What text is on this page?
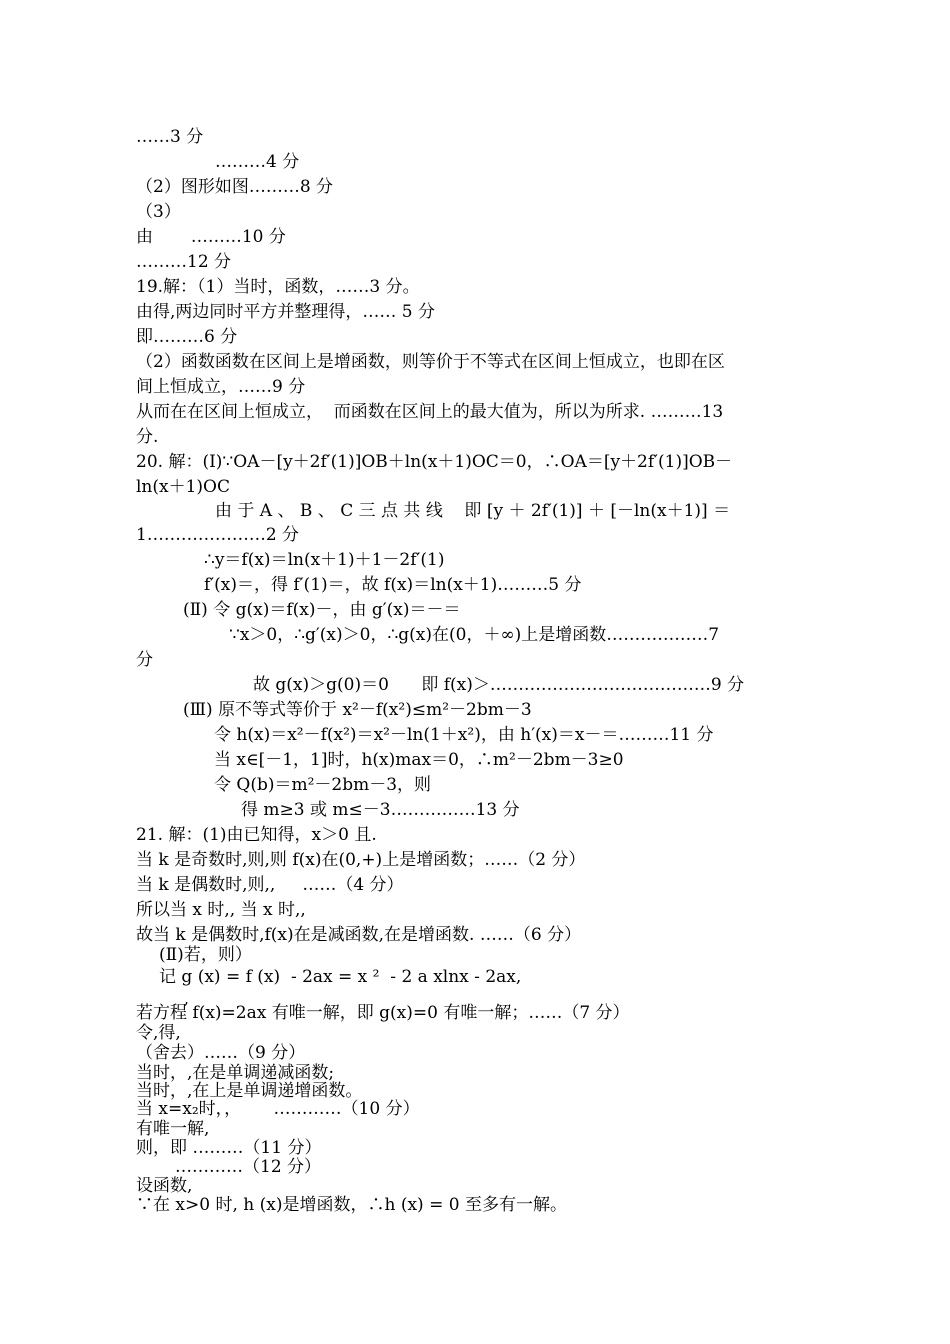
……3 分
………4 分
（2）图形如图………8 分
（3）
由       ………10 分
………12 分
19.解：（1）当时，函数，……3 分。
由得,两边同时平方并整理得，…… 5 分
即………6 分
（2）函数函数在区间上是增函数，则等价于不等式在区间上恒成立，也即在区
间上恒成立，……9 分
从而在在区间上恒成立，  而函数在区间上的最大值为，所以为所求. ………13
分.
20. 解：(Ⅰ)∵OA－[y＋2f′(1)]OB＋ln(x＋1)OC＝0，∴OA＝[y＋2f′(1)]OB－
ln(x＋1)OC
由 于 A 、 B 、 C 三 点 共 线    即 [y ＋ 2f′(1)] ＋ [－ln(x＋1)] ＝
1…………………2 分
∴y＝f(x)＝ln(x＋1)＋1－2f′(1)
f′(x)＝，得 f′(1)＝，故 f(x)＝ln(x＋1)………5 分
(Ⅱ) 令 g(x)＝f(x)－，由 g′(x)＝－＝
∵x＞0，∴g′(x)＞0，∴g(x)在(0，＋∞)上是增函数………………7
分
故 g(x)＞g(0)＝0      即 f(x)＞…………………………………9 分
(Ⅲ) 原不等式等价于 x²－f(x²)≤m²－2bm－3
令 h(x)＝x²－f(x²)＝x²－ln(1＋x²)，由 h′(x)＝x－＝………11 分
当 x∈[－1，1]时，h(x)max＝0，∴m²－2bm－3≥0
令 Q(b)＝m²－2bm－3，则
得 m≥3 或 m≤－3……………13 分
21. 解：(1)由已知得，x＞0 且.
当 k 是奇数时,则,则 f(x)在(0,+)上是增函数；……（2 分）
当 k 是偶数时,则,,     ……（4 分）
所以当 x 时,, 当 x 时,,
故当 k 是偶数时,f(x)在是减函数,在是增函数. ……（6 分）
(Ⅱ)若，则）
记 g (x) = f (x)  - 2ax = x ²  - 2 a xlnx - 2ax,
,
若方程 f(x)=2ax 有唯一解，即 g(x)=0 有唯一解；……（7 分）
令,得,
（舍去）……（9 分）
当时，,在是单调递减函数;
当时，,在上是单调递增函数。
当 x=x₂时，，      …………（10 分）
有唯一解,
则，即 ………（11 分）
…………（12 分）
设函数,
∵在 x>0 时, h (x)是增函数，∴h (x) = 0 至多有一解。
